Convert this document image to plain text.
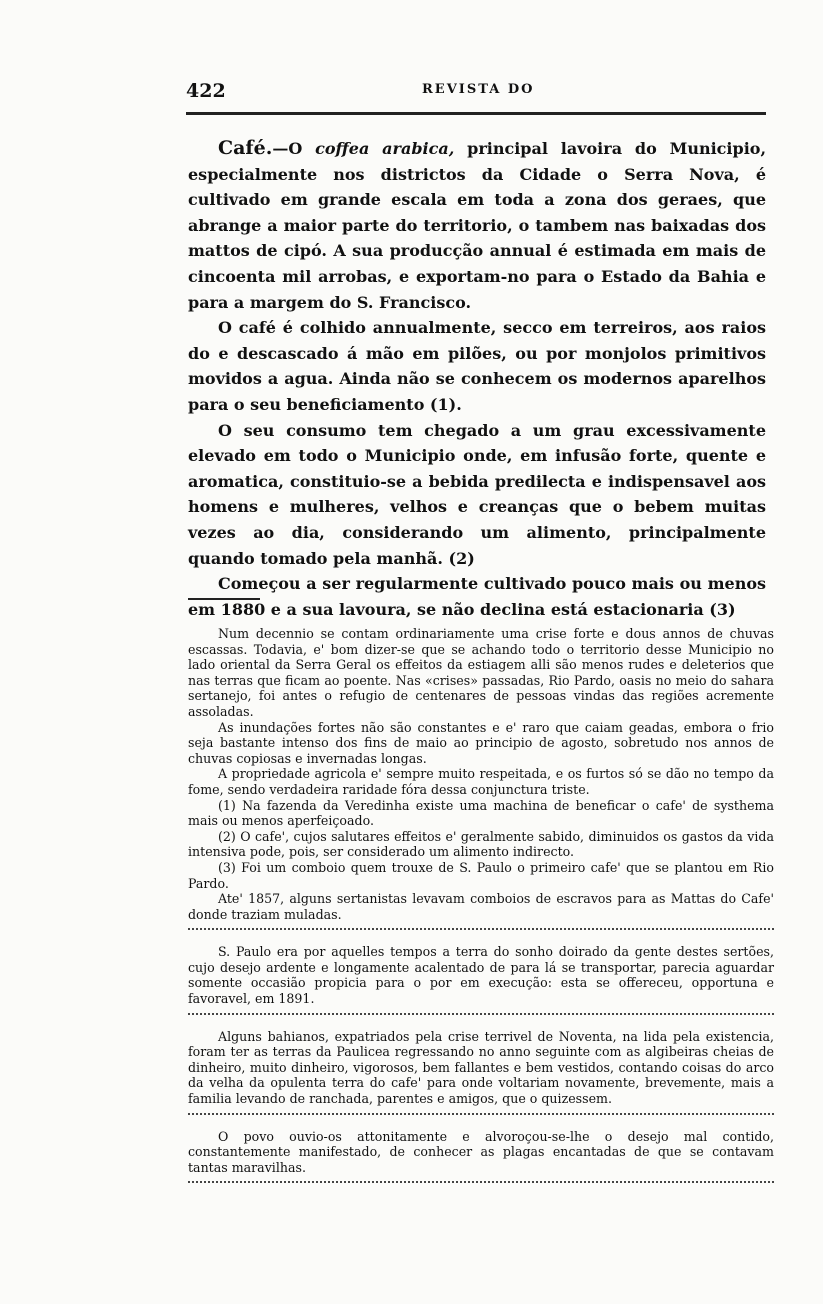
422	REVISTA DO

Café.—O coffea arabica, principal lavoira do Municipio, especialmente nos districtos da Cidade o Serra Nova, é cultivado em grande escala em toda a zona dos geraes, que abrange a maior parte do territorio, o tambem nas baixadas dos mattos de cipó. A sua producção annual é estimada em mais de cincoenta mil arrobas, e exportam-no para o Estado da Bahia e para a margem do S. Francisco.

O café é colhido annualmente, secco em terreiros, aos raios do e descascado á mão em pilões, ou por monjolos primitivos movidos a agua. Ainda não se conhecem os modernos aparelhos para o seu beneficiamento (1).

O seu consumo tem chegado a um grau excessivamente elevado em todo o Municipio onde, em infusão forte, quente e aromatica, constituio-se a bebida predilecta e indispensavel aos homens e mulheres, velhos e creanças que o bebem muitas vezes ao dia, considerando um alimento, principalmente quando tomado pela manhã. (2)

Começou a ser regularmente cultivado pouco mais ou menos em 1880 e a sua lavoura, se não declina está estacionaria (3)

Num decennio se contam ordinariamente uma crise forte e dous annos de chuvas escassas. Todavia, e' bom dizer-se que se achando todo o territorio desse Municipio no lado oriental da Serra Geral os effeitos da estiagem alli são menos rudes e deleterios que nas terras que ficam ao poente. Nas «crises» passadas, Rio Pardo, oasis no meio do sahara sertanejo, foi antes o refugio de centenares de pessoas vindas das regiões acremente assoladas.

As inundações fortes não são constantes e e' raro que caiam geadas, embora o frio seja bastante intenso dos fins de maio ao principio de agosto, sobretudo nos annos de chuvas copiosas e invernadas longas.

A propriedade agricola e' sempre muito respeitada, e os furtos só se dão no tempo da fome, sendo verdadeira raridade fóra dessa conjunctura triste.

(1) Na fazenda da Veredinha existe uma machina de beneficar o cafe' de systhema mais ou menos aperfeiçoado.

(2) O cafe', cujos salutares effeitos e' geralmente sabido, diminuidos os gastos da vida intensiva pode, pois, ser considerado um alimento indirecto.

(3) Foi um comboio quem trouxe de S. Paulo o primeiro cafe' que se plantou em Rio Pardo.

Ate' 1857, alguns sertanistas levavam comboios de escravos para as Mattas do Cafe' donde traziam muladas.

S. Paulo era por aquelles tempos a terra do sonho doirado da gente destes sertões, cujo desejo ardente e longamente acalentado de para lá se transportar, parecia aguardar somente occasião propicia para o por em execução: esta se offereceu, opportuna e favoravel, em 1891.

Alguns bahianos, expatriados pela crise terrivel de Noventa, na lida pela existencia, foram ter as terras da Paulicea regressando no anno seguinte com as algibeiras cheias de dinheiro, muito dinheiro, vigorosos, bem fallantes e bem vestidos, contando coisas do arco da velha da opulenta terra do cafe' para onde voltariam novamente, brevemente, mais a familia levando de ranchada, parentes e amigos, que o quizessem.

O povo ouvio-os attonitamente e alvoroçou-se-lhe o desejo mal contido, constantemente manifestado, de conhecer as plagas encantadas de que se contavam tantas maravilhas.
